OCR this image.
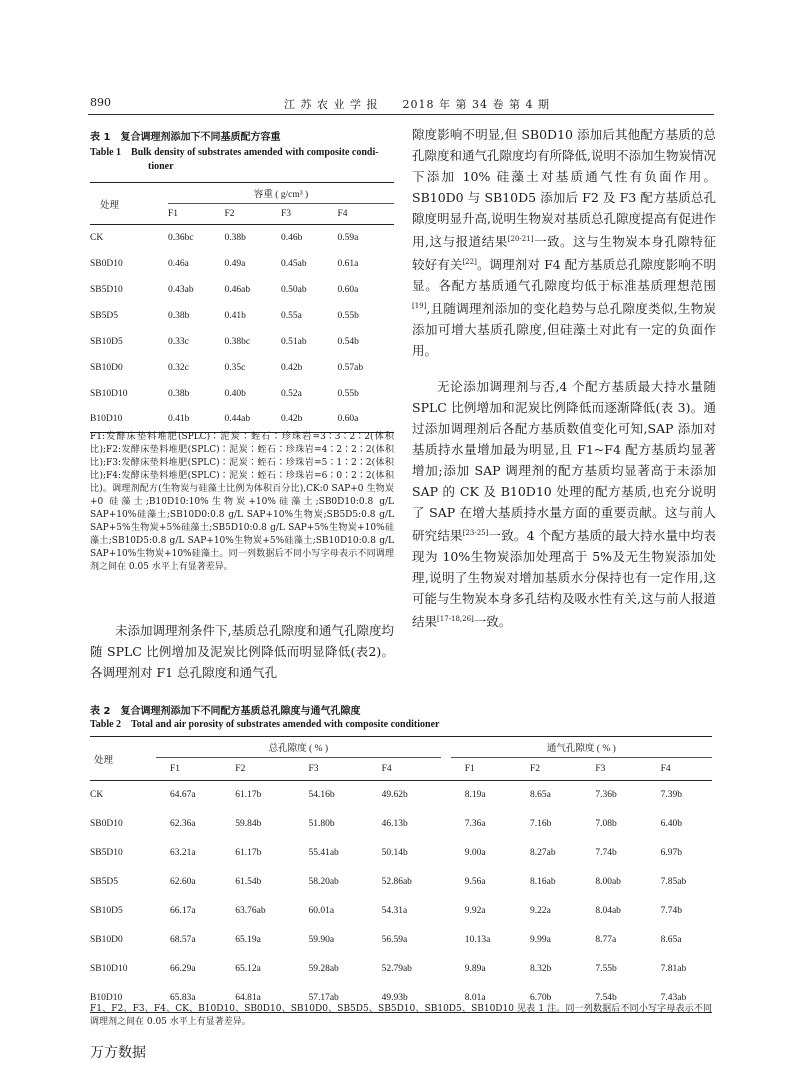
890	江 苏 农 业 学 报　　2018 年 第 34 卷 第 4 期
表 1　复合调理剂添加下不同基质配方容重
Table 1　Bulk density of substrates amended with composite condi-
tioner
处理	容重 ( g/cm³ )			
	F1	F2	F3	F4
CK	0.36bc	0.38b	0.46b	0.59a
SB0D10	0.46a	0.49a	0.45ab	0.61a
SB5D10	0.43ab	0.46ab	0.50ab	0.60a
SB5D5	0.38b	0.41b	0.55a	0.55b
SB10D5	0.33c	0.38bc	0.51ab	0.54b
SB10D0	0.32c	0.35c	0.42b	0.57ab
SB10D10	0.38b	0.40b	0.52a	0.55b
B10D10	0.41b	0.44ab	0.42b	0.60a
F1:发酵床垫料堆肥(SPLC)∶泥炭∶蛭石∶珍珠岩=3∶3∶2∶2(体积比);F2:发酵床垫料堆肥(SPLC)∶泥炭∶蛭石∶珍珠岩=4∶2∶2∶2(体积比);F3:发酵床垫料堆肥(SPLC)∶泥炭∶蛭石∶珍珠岩=5∶1∶2∶2(体积比);F4:发酵床垫料堆肥(SPLC)∶泥炭∶蛭石∶珍珠岩=6∶0∶2∶2(体积比)。调理剂配方(生物炭与硅藻土比例为体积百分比),CK:0 SAP+0 生物炭+0 硅藻土;B10D10:10%生物炭+10%硅藻土;SB0D10:0.8 g/L SAP+10%硅藻土;SB10D0:0.8 g/L SAP+10%生物炭;SB5D5:0.8 g/L SAP+5%生物炭+5%硅藻土;SB5D10:0.8 g/L SAP+5%生物炭+10%硅藻土;SB10D5:0.8 g/L SAP+10%生物炭+5%硅藻土;SB10D10:0.8 g/L SAP+10%生物炭+10%硅藻土。同一列数据后不同小写字母表示不同调理剂之间在 0.05 水平上有显著差异。
未添加调理剂条件下,基质总孔隙度和通气孔隙度均随 SPLC 比例增加及泥炭比例降低而明显降低(表2)。各调理剂对 F1 总孔隙度和通气孔
隙度影响不明显,但 SB0D10 添加后其他配方基质的总孔隙度和通气孔隙度均有所降低,说明不添加生物炭情况下添加 10% 硅藻土对基质通气性有负面作用。SB10D0 与 SB10D5 添加后 F2 及 F3 配方基质总孔隙度明显升高,说明生物炭对基质总孔隙度提高有促进作用,这与报道结果[20-21]一致。这与生物炭本身孔隙特征较好有关[22]。调理剂对 F4 配方基质总孔隙度影响不明显。各配方基质通气孔隙度均低于标准基质理想范围[19],且随调理剂添加的变化趋势与总孔隙度类似,生物炭添加可增大基质孔隙度,但硅藻土对此有一定的负面作用。
无论添加调理剂与否,4 个配方基质最大持水量随 SPLC 比例增加和泥炭比例降低而逐渐降低(表 3)。通过添加调理剂后各配方基质数值变化可知,SAP 添加对基质持水量增加最为明显,且 F1~F4 配方基质均显著增加;添加 SAP 调理剂的配方基质均显著高于未添加 SAP 的 CK 及 B10D10 处理的配方基质,也充分说明了 SAP 在增大基质持水量方面的重要贡献。这与前人研究结果[23-25]一致。4 个配方基质的最大持水量中均表现为 10%生物炭添加处理高于 5%及无生物炭添加处理,说明了生物炭对增加基质水分保持也有一定作用,这可能与生物炭本身多孔结构及吸水性有关,这与前人报道结果[17-18,26]一致。
表 2　复合调理剂添加下不同配方基质总孔隙度与通气孔隙度
Table 2　Total and air porosity of substrates amended with composite conditioner
处理	总孔隙度 ( % )					通气孔隙度 ( % )			
	F1	F2	F3	F4		F1	F2	F3	F4
CK	64.67a	61.17b	54.16b	49.62b		8.19a	8.65a	7.36b	7.39b
SB0D10	62.36a	59.84b	51.80b	46.13b		7.36a	7.16b	7.08b	6.40b
SB5D10	63.21a	61.17b	55.41ab	50.14b		9.00a	8.27ab	7.74b	6.97b
SB5D5	62.60a	61.54b	58.20ab	52.86ab		9.56a	8.16ab	8.00ab	7.85ab
SB10D5	66.17a	63.76ab	60.01a	54.31a		9.92a	9.22a	8.04ab	7.74b
SB10D0	68.57a	65.19a	59.90a	56.59a		10.13a	9.99a	8.77a	8.65a
SB10D10	66.29a	65.12a	59.28ab	52.79ab		9.89a	8.32b	7.55b	7.81ab
B10D10	65.83a	64.81a	57.17ab	49.93b		8.01a	6.70b	7.54b	7.43ab
F1、F2、F3、F4、CK、B10D10、SB0D10、SB10D0、SB5D5、SB5D10、SB10D5、SB10D10 见表 1 注。同一列数据后不同小写字母表示不同调理剂之间在 0.05 水平上有显著差异。
万方数据
